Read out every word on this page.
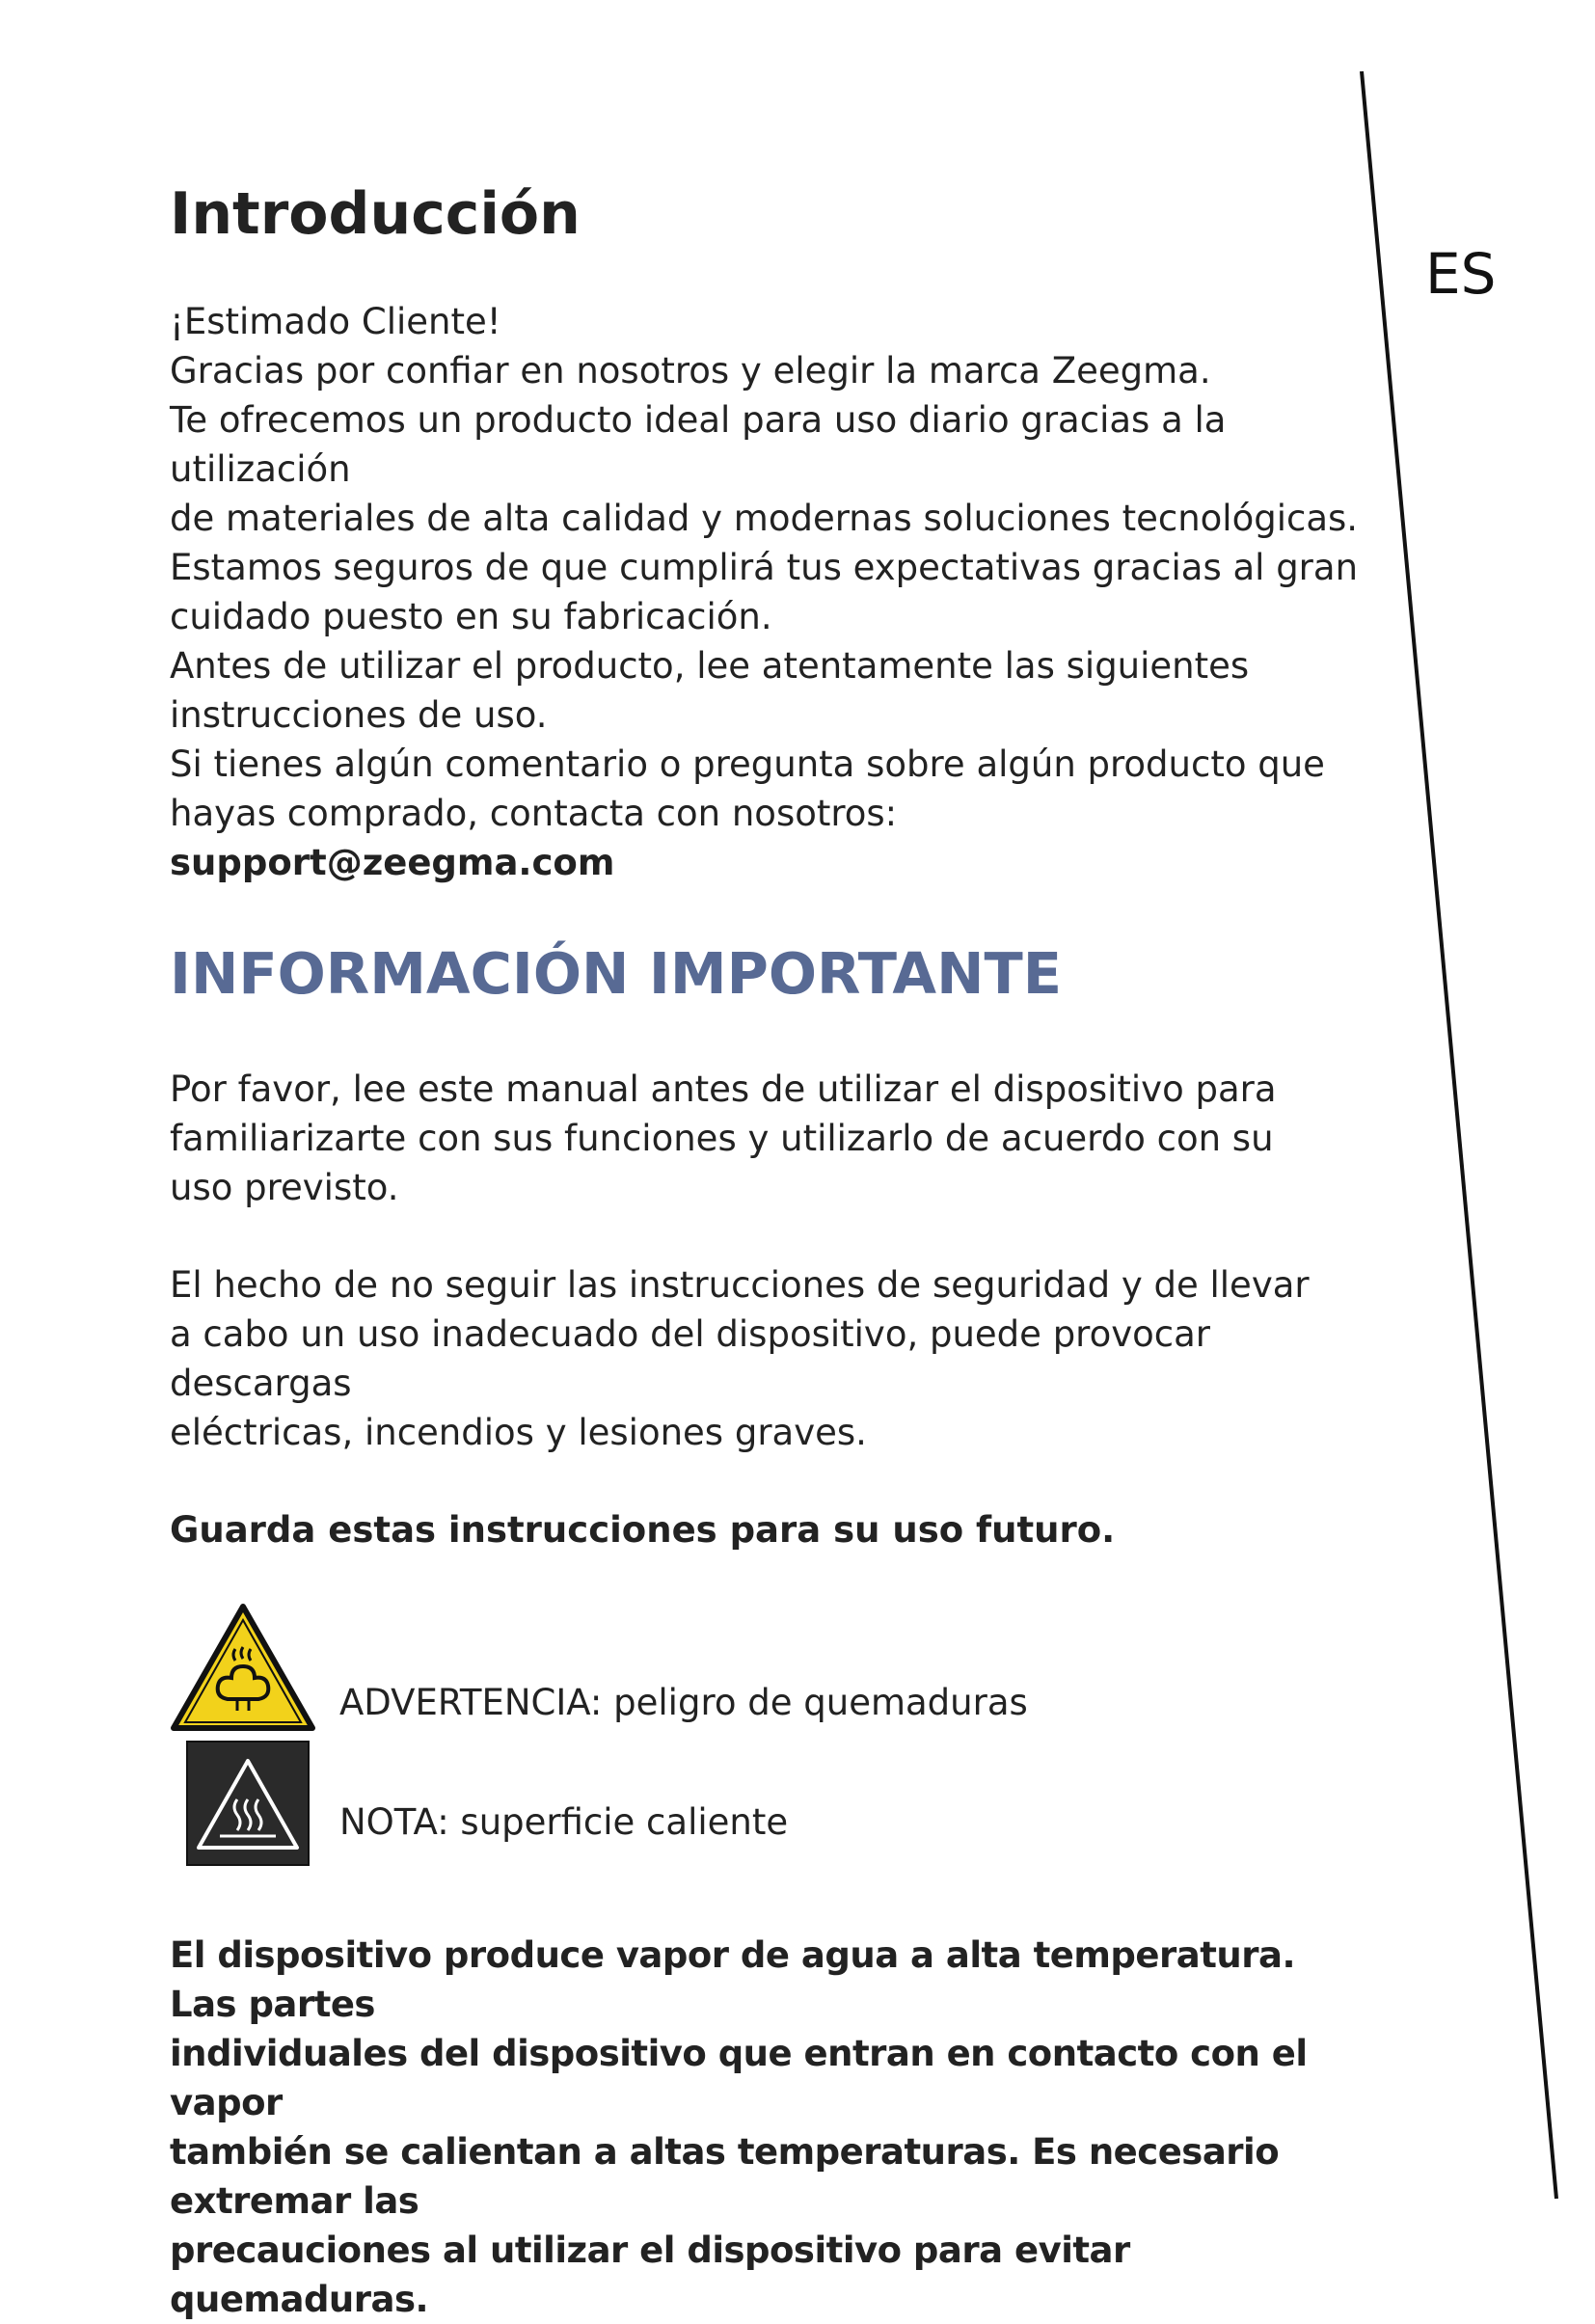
ES
Introducción

¡Estimado Cliente!

Gracias por confiar en nosotros y elegir la marca Zeegma.

Te ofrecemos un producto ideal para uso diario gracias a la utilización

de materiales de alta calidad y modernas soluciones tecnológicas.

Estamos seguros de que cumplirá tus expectativas gracias al gran

cuidado puesto en su fabricación.

Antes de utilizar el producto, lee atentamente las siguientes

instrucciones de uso.

Si tienes algún comentario o pregunta sobre algún producto que

hayas comprado, contacta con nosotros:

support@zeegma.com

INFORMACIÓN IMPORTANTE
Por favor, lee este manual antes de utilizar el dispositivo para
familiarizarte con sus funciones y utilizarlo de acuerdo con su
uso previsto.
El hecho de no seguir las instrucciones de seguridad y de llevar
a cabo un uso inadecuado del dispositivo, puede provocar descargas
eléctricas, incendios y lesiones graves.
Guarda estas instrucciones para su uso futuro.
ADVERTENCIA: peligro de quemaduras
NOTA: superficie caliente
El dispositivo produce vapor de agua a alta temperatura. Las partes
individuales del dispositivo que entran en contacto con el vapor
también se calientan a altas temperaturas. Es necesario extremar las
precauciones al utilizar el dispositivo para evitar quemaduras.
